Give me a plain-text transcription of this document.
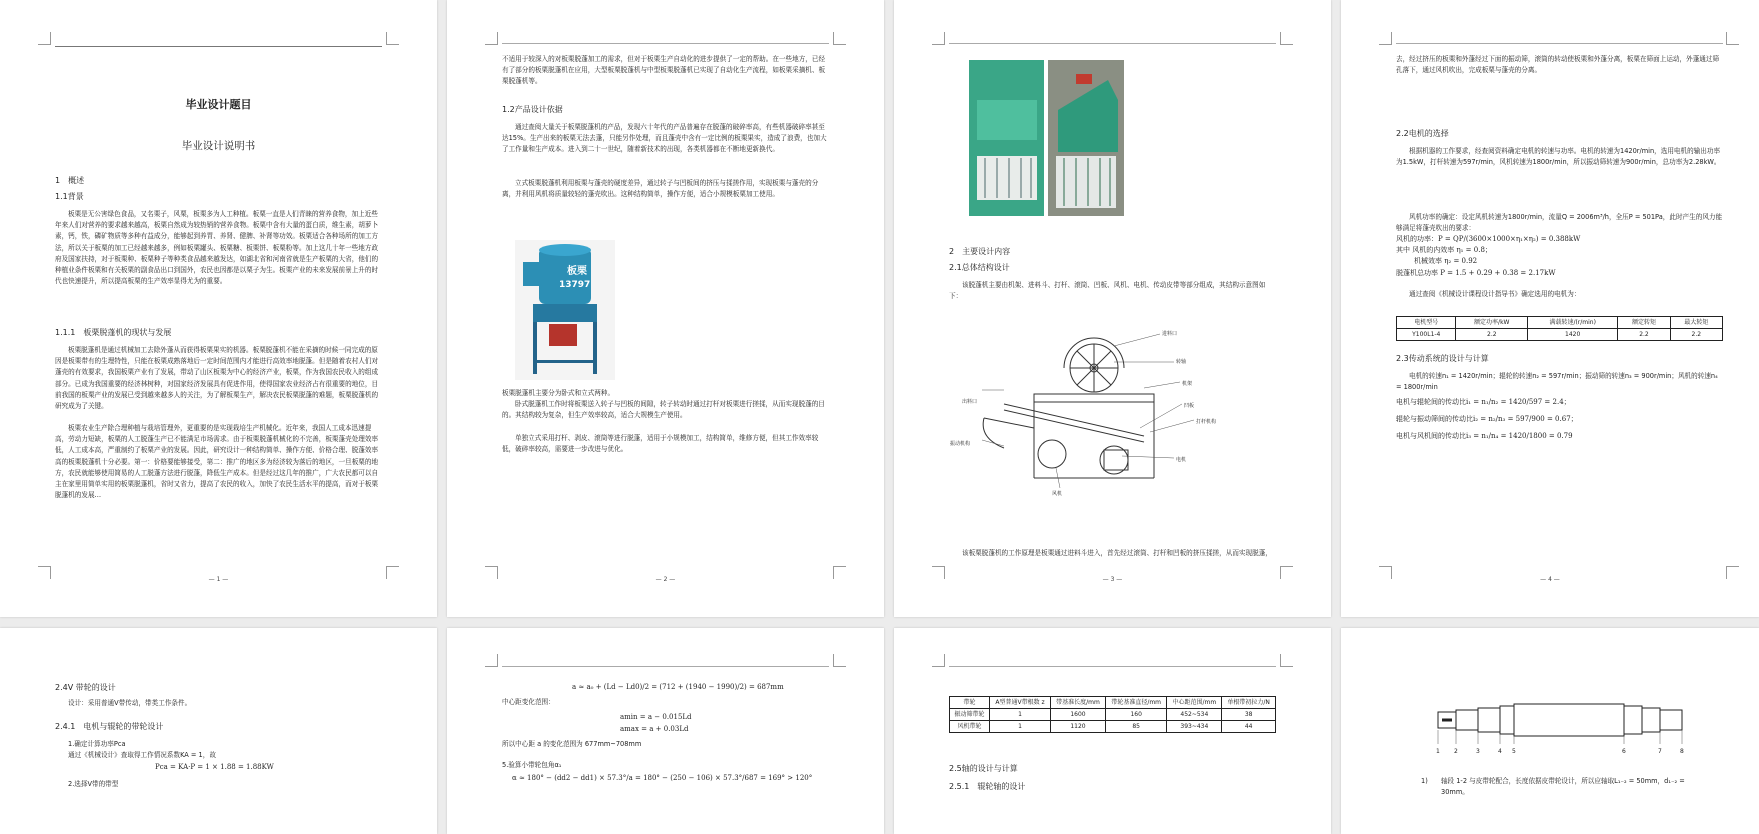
毕业设计题目

毕业设计说明书

1　概述

1.1背景

板栗是无公害绿色食品，又名栗子，风栗，板栗多为人工种植。板栗一直是人们青睐的营养食物，加上近些年来人们对营养的要求越来越高，板栗自然成为较热销的营养食物。板栗中含有大量的蛋白质，维生素，胡萝卜素，钙，铁，磷矿物质等多种有益成分，能够起到养胃、养肾、健脾、补肾等功效。板栗适合各种场所的加工方法，所以关于板栗的加工已经越来越多，例如板栗罐头、板栗糖、板栗饼、板栗粉等。加上这几十年一些地方政府及国家扶持，对于板栗种、板栗种子等种类食品越来越发达，如湖北省和河南省就是生产板栗的大省，他们的种植业条件板栗和有关板栗的副食品出口到国外，农民也因都是以栗子为生。板栗产业的未来发展前景上升的时代也快速提升，所以提高板栗的生产效率显得尤为的重要。

1.1.1　板栗脱蓬机的现状与发展

板栗脱蓬机是通过机械加工去除外蓬从而获得板栗果实的机器。板栗脱蓬机不能在采摘的时候一同完成的原因是板栗带有的生理特性，只能在板栗成熟落地后一定时间范围内才能进行高效率地脱蓬。但是随着农村人们对蓬壳的有效要求，我国板栗产业有了发展，带动了山区板栗为中心的经济产业，板栗，作为我国农民收入的组成部分。已成为我国重要的经济林树种，对国家经济发展具有促进作用，使得国家农业经济占有很重要的地位，目前我国的板栗产业的发展已受到越来越多人的关注，为了解板栗生产，解决农民板栗脱蓬的难题，板栗脱蓬机的研究成为了关键。

板栗农业生产除合理种植与栽培管理外，更重要的是实现栽培生产机械化。近年来，我国人工成本迅速提高，劳动力短缺，板栗的人工脱蓬生产已不能满足市场需求。由于板栗脱蓬机械化的不完善，板栗蓬壳处理效率低，人工成本高，严重制约了板栗产业的发展。因此，研究设计一种结构简单、操作方便、价格合理、脱蓬效率高的板栗脱蓬机十分必要。第一：价格要能够接受，第二：推广的地区多为经济较为落后的地区，一旦板栗的地方，农民就能够使用简易的人工脱蓬方法进行脱蓬，降低生产成本。但是经过这几年的推广，广大农民都可以自主在家里用简单实用的板栗脱蓬机，省时又省力，提高了农民的收入，加快了农民生活水平的提高，而对于板栗脱蓬机的发展…

— 1 —

不适用于较深入的对板栗脱蓬加工的需求，但对于板栗生产自动化的进步提供了一定的帮助。在一些地方，已经有了部分的板栗脱蓬机在应用，大型板栗脱蓬机与中型板栗脱蓬机已实现了自动化生产流程，如板栗采摘机、板栗脱蓬机等。

1.2产品设计依据

通过查阅大量关于板栗脱蓬机的产品，发现六十年代的产品普遍存在脱蓬的破碎率高，有些机器破碎率甚至达15%。生产出来的板栗无法去蓬，只能另作处理，而且蓬壳中含有一定比例的板栗果实，造成了浪费，也加大了工作量和生产成本。进入到二十一世纪，随着新技术的出现，各类机器都在不断地更新换代。

立式板栗脱蓬机利用板栗与蓬壳的硬度差异，通过转子与凹板间的挤压与揉搓作用，实现板栗与蓬壳的分离，并利用风机将质量较轻的蓬壳吹出。这种结构简单，操作方便，适合小规模板栗加工使用。

板栗
13797

板栗脱蓬机主要分为卧式和立式两种。

卧式脱蓬机工作时将板栗送入转子与凹板的间隙，转子转动时通过打杆对板栗进行搓揉，从而实现脱蓬的目的。其结构较为复杂，但生产效率较高，适合大规模生产使用。

单独立式采用打杆、剥皮、滚筒等进行脱蓬，适用于小规模加工，结构简单，维修方便，但其工作效率较低，破碎率较高，需要进一步改进与优化。

— 2 —

2　主要设计内容

2.1总体结构设计

该脱蓬机主要由机架、进料斗、打杆、滚筒、凹板、风机、电机、传动皮带等部分组成，其结构示意图如下：

进料口
转轴
机架
凹板
打杆机构
出料口
电机
振动机构
风机

该板栗脱蓬机的工作原理是板栗通过进料斗进入，首先经过滚筒、打杆和凹板的挤压揉搓，从而实现脱蓬，

— 3 —

去，经过挤压的板栗和外蓬经过下面的振动筛，滚筒的转动使板栗和外蓬分离，板栗在筛面上运动，外蓬通过筛孔落下，通过风机吹出，完成板栗与蓬壳的分离。

2.2电机的选择

根据机器的工作要求，经查阅资料确定电机的转速与功率。电机的转速为1420r/min，选用电机的输出功率为1.5kW，打杆转速为597r/min，风机转速为1800r/min，所以振动筛转速为900r/min，总功率为2.28kW。

风机功率的确定：设定风机转速为1800r/min，流量Q = 2006m³/h，全压P = 501Pa，此时产生的风力能够满足将蓬壳吹出的要求：

风机的功率：P = QP/(3600×1000×η₁×η₂) = 0.388kW

其中 风机的内效率 η₁ = 0.8；

机械效率 η₂ = 0.92

脱蓬机总功率 P = 1.5 + 0.29 + 0.38 = 2.17kW

通过查阅《机械设计课程设计指导书》确定选用的电机为：

电机型号	额定功率/kW	满载转速/(r/min)	额定转矩	最大转矩
Y100L1-4	2.2	1420	2.2	2.2

2.3传动系统的设计与计算

电机的转速n₁ = 1420r/min；辊轮的转速n₂ = 597r/min；振动筛的转速n₃ = 900r/min；风机的转速n₄ = 1800r/min

电机与辊轮间的传动比i₁ = n₁/n₂ = 1420/597 = 2.4；

辊轮与振动筛间的传动比i₂ = n₂/n₃ = 597/900 = 0.67；

电机与风机间的传动比i₃ = n₁/n₄ = 1420/1800 = 0.79

— 4 —

2.4V 带轮的设计

设计：采用普通V带传动，带类工作条件。

2.4.1　电机与辊轮的带轮设计

1.确定计算功率Pca

通过《机械设计》查取得工作情况系数KA = 1，故

Pca = KA·P = 1 × 1.88 = 1.88KW

2.选择V带的带型

a ≈ a₀ + (Ld − Ld0)/2 = (712 + (1940 − 1990)/2) = 687mm

中心距变化范围：

amin = a − 0.015Ld

amax = a + 0.03Ld

所以中心距 a 的变化范围为 677mm~708mm

5.验算小带轮包角α₁

α ≈ 180° − (dd2 − dd1) × 57.3°/a = 180° − (250 − 106) × 57.3°/687 = 169° > 120°

带轮	A型普通V带根数 z	带基准长度/mm	带轮基准直径/mm	中心距范围/mm	单根带初拉力/N
振动筛带轮	1	1600	160	452~534	38
风机带轮	1	1120	85	393~434	44

2.5轴的设计与计算

2.5.1　辊轮轴的设计

1 2	3	4 5	6	7	8

1)　　轴段 1-2 与皮带轮配合，长度依据皮带轮设计，所以应轴取L₁₋₂ = 50mm，d₁₋₂ =

30mm。
